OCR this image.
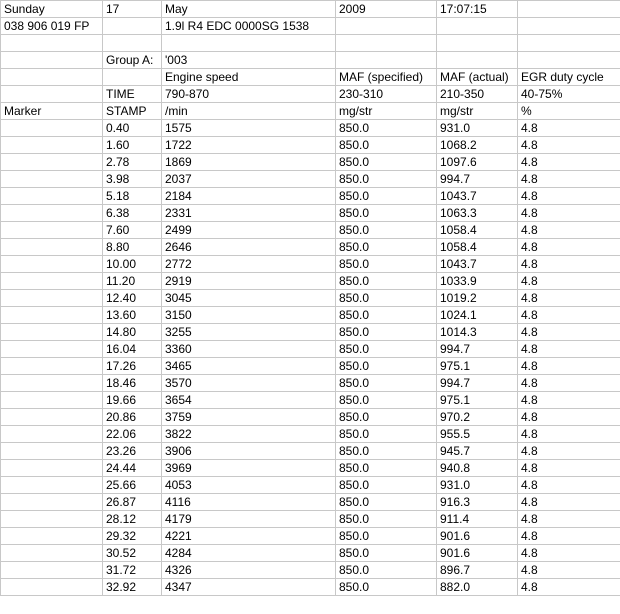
Sunday	17	May	2009	17:07:15	
038 906 019 FP		1.9l R4 EDC 0000SG 1538			

	Group A:	'003			
		Engine speed	MAF (specified)	MAF (actual)	EGR duty cycle
	TIME	790-870	230-310	210-350	40-75%
Marker	STAMP	/min	mg/str	mg/str	%
	0.40	1575	850.0	931.0	4.8
	1.60	1722	850.0	1068.2	4.8
	2.78	1869	850.0	1097.6	4.8
	3.98	2037	850.0	994.7	4.8
	5.18	2184	850.0	1043.7	4.8
	6.38	2331	850.0	1063.3	4.8
	7.60	2499	850.0	1058.4	4.8
	8.80	2646	850.0	1058.4	4.8
	10.00	2772	850.0	1043.7	4.8
	11.20	2919	850.0	1033.9	4.8
	12.40	3045	850.0	1019.2	4.8
	13.60	3150	850.0	1024.1	4.8
	14.80	3255	850.0	1014.3	4.8
	16.04	3360	850.0	994.7	4.8
	17.26	3465	850.0	975.1	4.8
	18.46	3570	850.0	994.7	4.8
	19.66	3654	850.0	975.1	4.8
	20.86	3759	850.0	970.2	4.8
	22.06	3822	850.0	955.5	4.8
	23.26	3906	850.0	945.7	4.8
	24.44	3969	850.0	940.8	4.8
	25.66	4053	850.0	931.0	4.8
	26.87	4116	850.0	916.3	4.8
	28.12	4179	850.0	911.4	4.8
	29.32	4221	850.0	901.6	4.8
	30.52	4284	850.0	901.6	4.8
	31.72	4326	850.0	896.7	4.8
	32.92	4347	850.0	882.0	4.8
